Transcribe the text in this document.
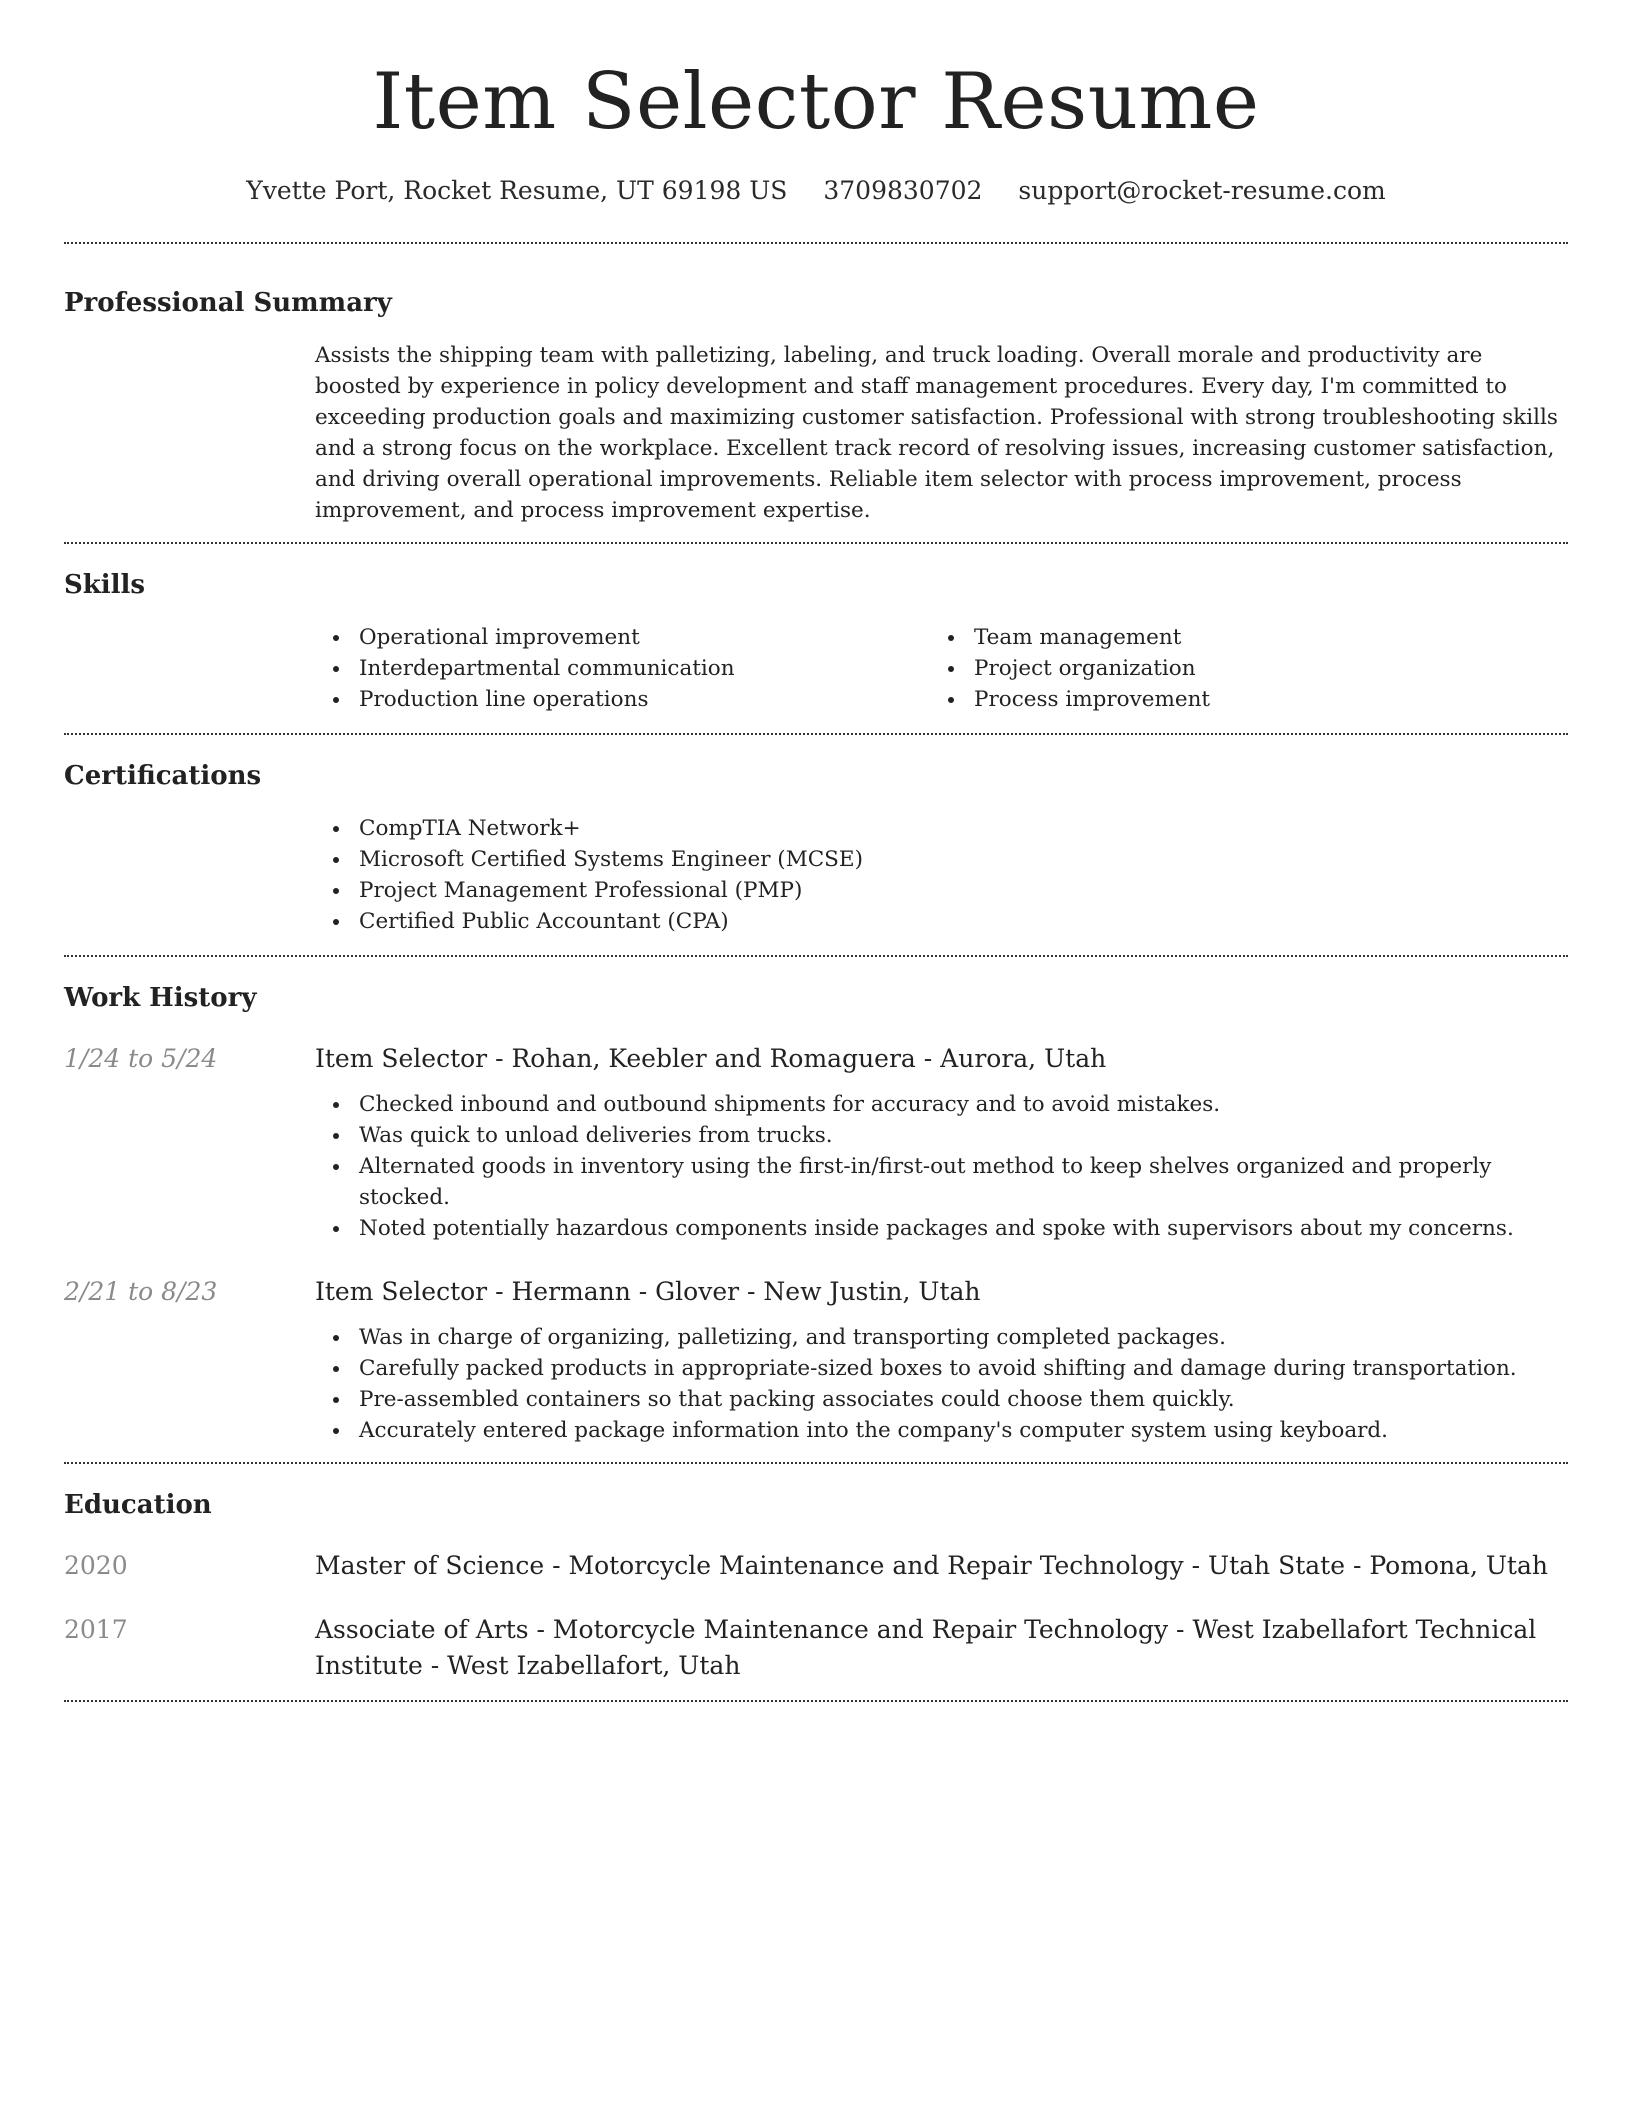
Item Selector Resume
Yvette Port, Rocket Resume, UT 69198 US 3709830702 support@rocket-resume.com
Professional Summary
Assists the shipping team with palletizing, labeling, and truck loading. Overall morale and productivity are boosted by experience in policy development and staff management procedures. Every day, I'm committed to exceeding production goals and maximizing customer satisfaction. Professional with strong troubleshooting skills and a strong focus on the workplace. Excellent track record of resolving issues, increasing customer satisfaction, and driving overall operational improvements. Reliable item selector with process improvement, process improvement, and process improvement expertise.
Skills
Operational improvement
Interdepartmental communication
Production line operations
Team management
Project organization
Process improvement
Certifications
CompTIA Network+
Microsoft Certified Systems Engineer (MCSE)
Project Management Professional (PMP)
Certified Public Accountant (CPA)
Work History
1/24 to 5/24	Item Selector - Rohan, Keebler and Romaguera - Aurora, Utah
Checked inbound and outbound shipments for accuracy and to avoid mistakes.
Was quick to unload deliveries from trucks.
Alternated goods in inventory using the first-in/first-out method to keep shelves organized and properly stocked.
Noted potentially hazardous components inside packages and spoke with supervisors about my concerns.
2/21 to 8/23	Item Selector - Hermann - Glover - New Justin, Utah
Was in charge of organizing, palletizing, and transporting completed packages.
Carefully packed products in appropriate-sized boxes to avoid shifting and damage during transportation.
Pre-assembled containers so that packing associates could choose them quickly.
Accurately entered package information into the company's computer system using keyboard.
Education
2020	Master of Science - Motorcycle Maintenance and Repair Technology - Utah State - Pomona, Utah
2017	Associate of Arts - Motorcycle Maintenance and Repair Technology - West Izabellafort Technical Institute - West Izabellafort, Utah
